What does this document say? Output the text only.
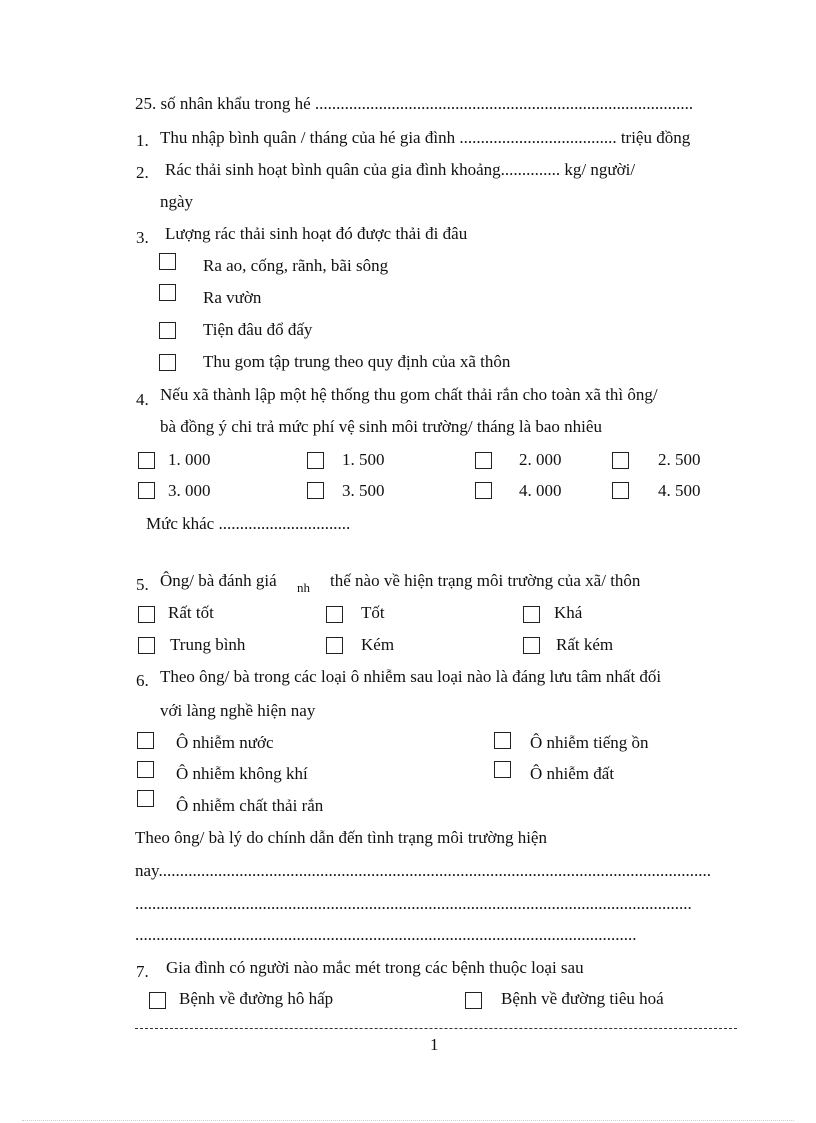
25. số nhân khẩu trong hé .........................................................................................
1. Thu nhập bình quân / tháng của hé gia đình ..................................... triệu đồng
2. Rác thải sinh hoạt bình quân của gia đình khoảng.............. kg/ người/
ngày
3. Lượng rác thải sinh hoạt đó được thải đi đâu
Ra ao, cống, rãnh, bãi sông
Ra vườn
Tiện đâu đổ đấy
Thu gom tập trung theo quy định của xã thôn
4. Nếu xã thành lập một hệ thống thu gom chất thải rắn cho toàn xã thì ông/
bà đồng ý chi trả mức phí vệ sinh môi trường/ tháng là bao nhiêu
1. 000	1. 500	2. 000	2. 500
3. 000	3. 500	4. 000	4. 500
Mức khác ...............................
5. Ông/ bà đánh giá nh thế nào về hiện trạng môi trường của xã/ thôn
Rất tốt	Tốt	Khá
Trung bình	Kém	Rất kém
6. Theo ông/ bà trong các loại ô nhiễm sau loại nào là đáng lưu tâm nhất đối
với làng nghề hiện nay
Ô nhiễm nước	Ô nhiễm tiếng ồn
Ô nhiễm không khí	Ô nhiễm đất
Ô nhiễm chất thải rắn
Theo ông/ bà lý do chính dẫn đến tình trạng môi trường hiện
nay..................................................................................................................................
...................................................................................................................................
......................................................................................................................
7. Gia đình có người nào mắc mét trong các bệnh thuộc loại sau
Bệnh về đường hô hấp	Bệnh về đường tiêu hoá
1
